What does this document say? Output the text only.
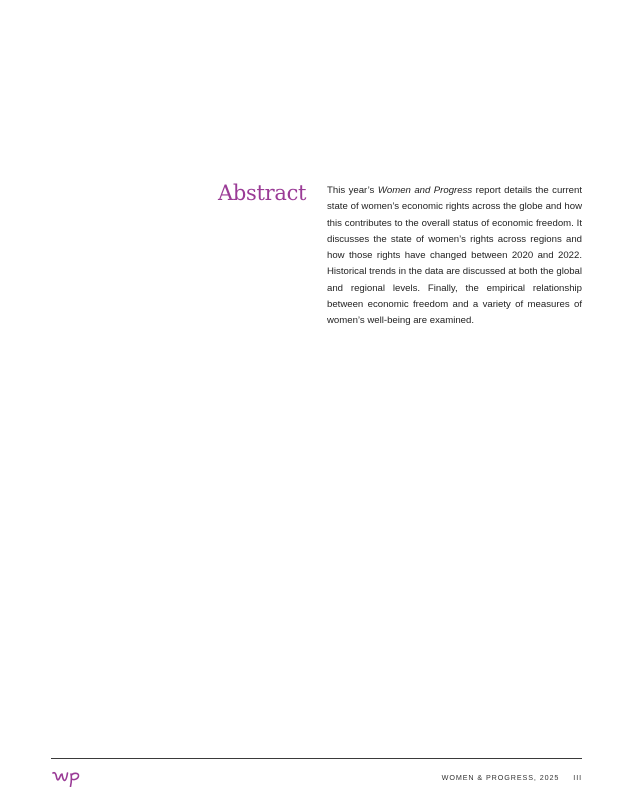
Abstract	This year’s Women and Progress report details the current state of women’s economic rights across the globe and how this contributes to the overall status of economic freedom. It discusses the state of women’s rights across regions and how those rights have changed between 2020 and 2022. Historical trends in the data are discussed at both the global and regional levels. Finally, the empirical relationship between economic freedom and a variety of measures of women’s well-being are examined.

WOMEN & PROGRESS, 2025 III
